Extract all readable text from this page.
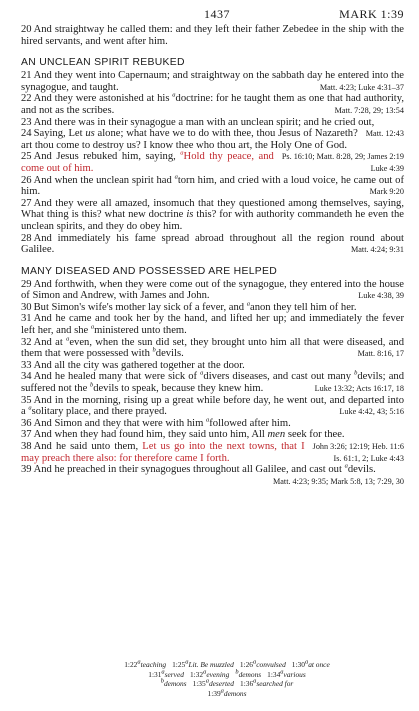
1437	MARK 1:39

20 And straightway he called them: and they left their father Zebedee in the ship with the hired servants, and went after him.

AN UNCLEAN SPIRIT REBUKED

21 And they went into Capernaum; and straightway on the sabbath day he entered into the synagogue, and taught.	Matt. 4:23; Luke 4:31–37

22 And they were astonished at his $^a$doctrine: for he taught them as one that had authority, and not as the scribes.	Matt. 7:28, 29; 13:54

23 And there was in their synagogue a man with an unclean spirit; and he cried out,
Matt. 12:43

24 Saying, Let us alone; what have we to do with thee, thou Jesus of Nazareth? art thou come to destroy us? I know thee who thou art, the Holy One of God.
Ps. 16:10; Matt. 8:28, 29; James 2:19

25 And Jesus rebuked him, saying, $^a$Hold thy peace, and come out of him.	Luke 4:39

26 And when the unclean spirit had $^a$torn him, and cried with a loud voice, he came out of him.	Mark 9:20

27 And they were all amazed, insomuch that they questioned among themselves, saying, What thing is this? what new doctrine is this? for with authority commandeth he even the unclean spirits, and they do obey him.

28 And immediately his fame spread abroad throughout all the region round about Galilee.	Matt. 4:24; 9:31

MANY DISEASED AND POSSESSED ARE HELPED

29 And forthwith, when they were come out of the synagogue, they entered into the house of Simon and Andrew, with James and John.	Luke 4:38, 39

30 But Simon's wife's mother lay sick of a fever, and $^a$anon they tell him of her.

31 And he came and took her by the hand, and lifted her up; and immediately the fever left her, and she $^a$ministered unto them.

32 And at $^a$even, when the sun did set, they brought unto him all that were diseased, and them that were possessed with $^b$devils.	Matt. 8:16, 17

33 And all the city was gathered together at the door.

34 And he healed many that were sick of $^a$divers diseases, and cast out many $^b$devils; and suffered not the $^b$devils to speak, because they knew him.	Luke 13:32; Acts 16:17, 18

35 And in the morning, rising up a great while before day, he went out, and departed into a $^a$solitary place, and there prayed.	Luke 4:42, 43; 5:16

36 And Simon and they that were with him $^a$followed after him.

37 And when they had found him, they said unto him, All men seek for thee.
John 3:26; 12:19; Heb. 11:6

38 And he said unto them, Let us go into the next towns, that I may preach there also: for therefore came I forth.	Is. 61:1, 2; Luke 4:43

39 And he preached in their synagogues throughout all Galilee, and cast out $^a$devils.
Matt. 4:23; 9:35; Mark 5:8, 13; 7:29, 30

1:22ateaching 1:25aLit. Be muzzled 1:26aconvulsed 1:30aat once
1:31aserved 1:32aevening bdemons 1:34avarious
bdemons 1:35adeserted 1:36asearched for
1:39ademons
